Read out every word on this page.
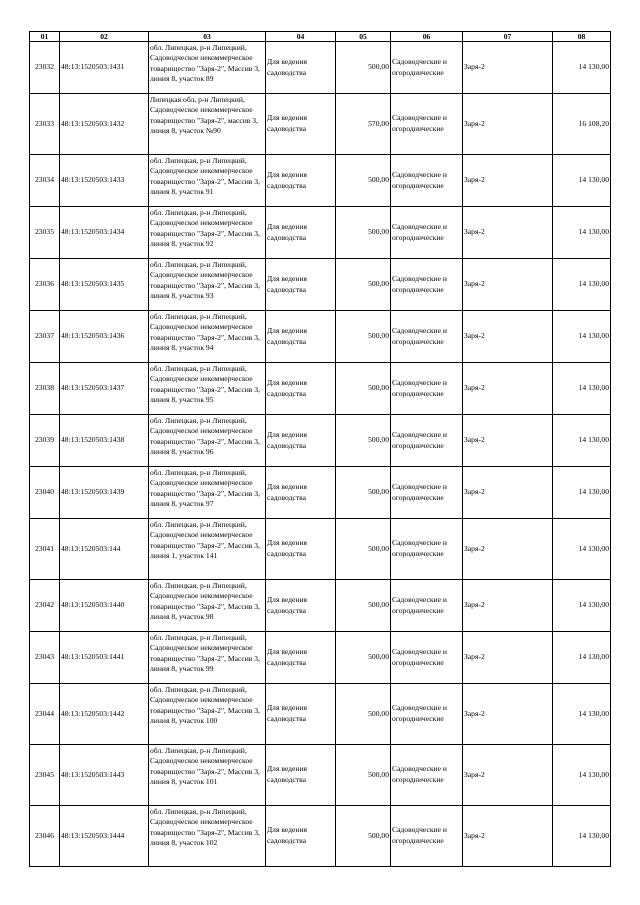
01	02	03	04	05	06	07	08
23032	48:13:1520503:1431	обл. Липецкая, р-н Липецкий, Садоводческое некоммерческое товарищество "Заря-2", Массив 3, линия 8, участок 89	Для ведения садоводства	500,00	Садоводческие и огороднические	Заря-2	14 130,00
23033	48:13:1520503:1432	Липецкая обл, р-н Липецкий, Садоводческое некоммерческое товарищество "Заря-2", массив 3, линия 8, участок №90	Для ведения садоводства	570,00	Садоводческие и огороднические	Заря-2	16 108,20
23034	48:13:1520503:1433	обл. Липецкая, р-н Липецкий, Садоводческое некоммерческое товарищество "Заря-2", Массив 3, линия 8, участок 91	Для ведения садоводства	500,00	Садоводческие и огороднические	Заря-2	14 130,00
23035	48:13:1520503:1434	обл. Липецкая, р-н Липецкий, Садоводческое некоммерческое товарищество "Заря-2", Массив 3, линия 8, участок 92	Для ведения садоводства	500,00	Садоводческие и огороднические	Заря-2	14 130,00
23036	48:13:1520503:1435	обл. Липецкая, р-н Липецкий, Садоводческое некоммерческое товарищество "Заря-2", Массив 3, линия 8, участок 93	Для ведения садоводства	500,00	Садоводческие и огороднические	Заря-2	14 130,00
23037	48:13:1520503:1436	обл. Липецкая, р-н Липецкий, Садоводческое некоммерческое товарищество "Заря-2", Массив 3, линия 8, участок 94	Для ведения садоводства	500,00	Садоводческие и огороднические	Заря-2	14 130,00
23038	48:13:1520503:1437	обл. Липецкая, р-н Липецкий, Садоводческое некоммерческое товарищество "Заря-2", Массив 3, линия 8, участок 95	Для ведения садоводства	500,00	Садоводческие и огороднические	Заря-2	14 130,00
23039	48:13:1520503:1438	обл. Липецкая, р-н Липецкий, Садоводческое некоммерческое товарищество "Заря-2", Массив 3, линия 8, участок 96	Для ведения садоводства	500,00	Садоводческие и огороднические	Заря-2	14 130,00
23040	48:13:1520503:1439	обл. Липецкая, р-н Липецкий, Садоводческое некоммерческое товарищество "Заря-2", Массив 3, линия 8, участок 97	Для ведения садоводства	500,00	Садоводческие и огороднические	Заря-2	14 130,00
23041	48:13:1520503:144	обл. Липецкая, р-н Липецкий, Садоводческое некоммерческое товарищество "Заря-2", Массив 3, линия 1, участок 141	Для ведения садоводства	500,00	Садоводческие и огороднические	Заря-2	14 130,00
23042	48:13:1520503:1440	обл. Липецкая, р-н Липецкий, Садоводческое некоммерческое товарищество "Заря-2", Массив 3, линия 8, участок 98	Для ведения садоводства	500,00	Садоводческие и огороднические	Заря-2	14 130,00
23043	48:13:1520503:1441	обл. Липецкая, р-н Липецкий, Садоводческое некоммерческое товарищество "Заря-2", Массив 3, линия 8, участок 99	Для ведения садоводства	500,00	Садоводческие и огороднические	Заря-2	14 130,00
23044	48:13:1520503:1442	обл. Липецкая, р-н Липецкий, Садоводческое некоммерческое товарищество "Заря-2", Массив 3, линия 8, участок 100	Для ведения садоводства	500,00	Садоводческие и огороднические	Заря-2	14 130,00
23045	48:13:1520503:1443	обл. Липецкая, р-н Липецкий, Садоводческое некоммерческое товарищество "Заря-2", Массив 3, линия 8, участок 101	Для ведения садоводства	500,00	Садоводческие и огороднические	Заря-2	14 130,00
23046	48:13:1520503:1444	обл. Липецкая, р-н Липецкий, Садоводческое некоммерческое товарищество "Заря-2", Массив 3, линия 8, участок 102	Для ведения садоводства	500,00	Садоводческие и огороднические	Заря-2	14 130,00
